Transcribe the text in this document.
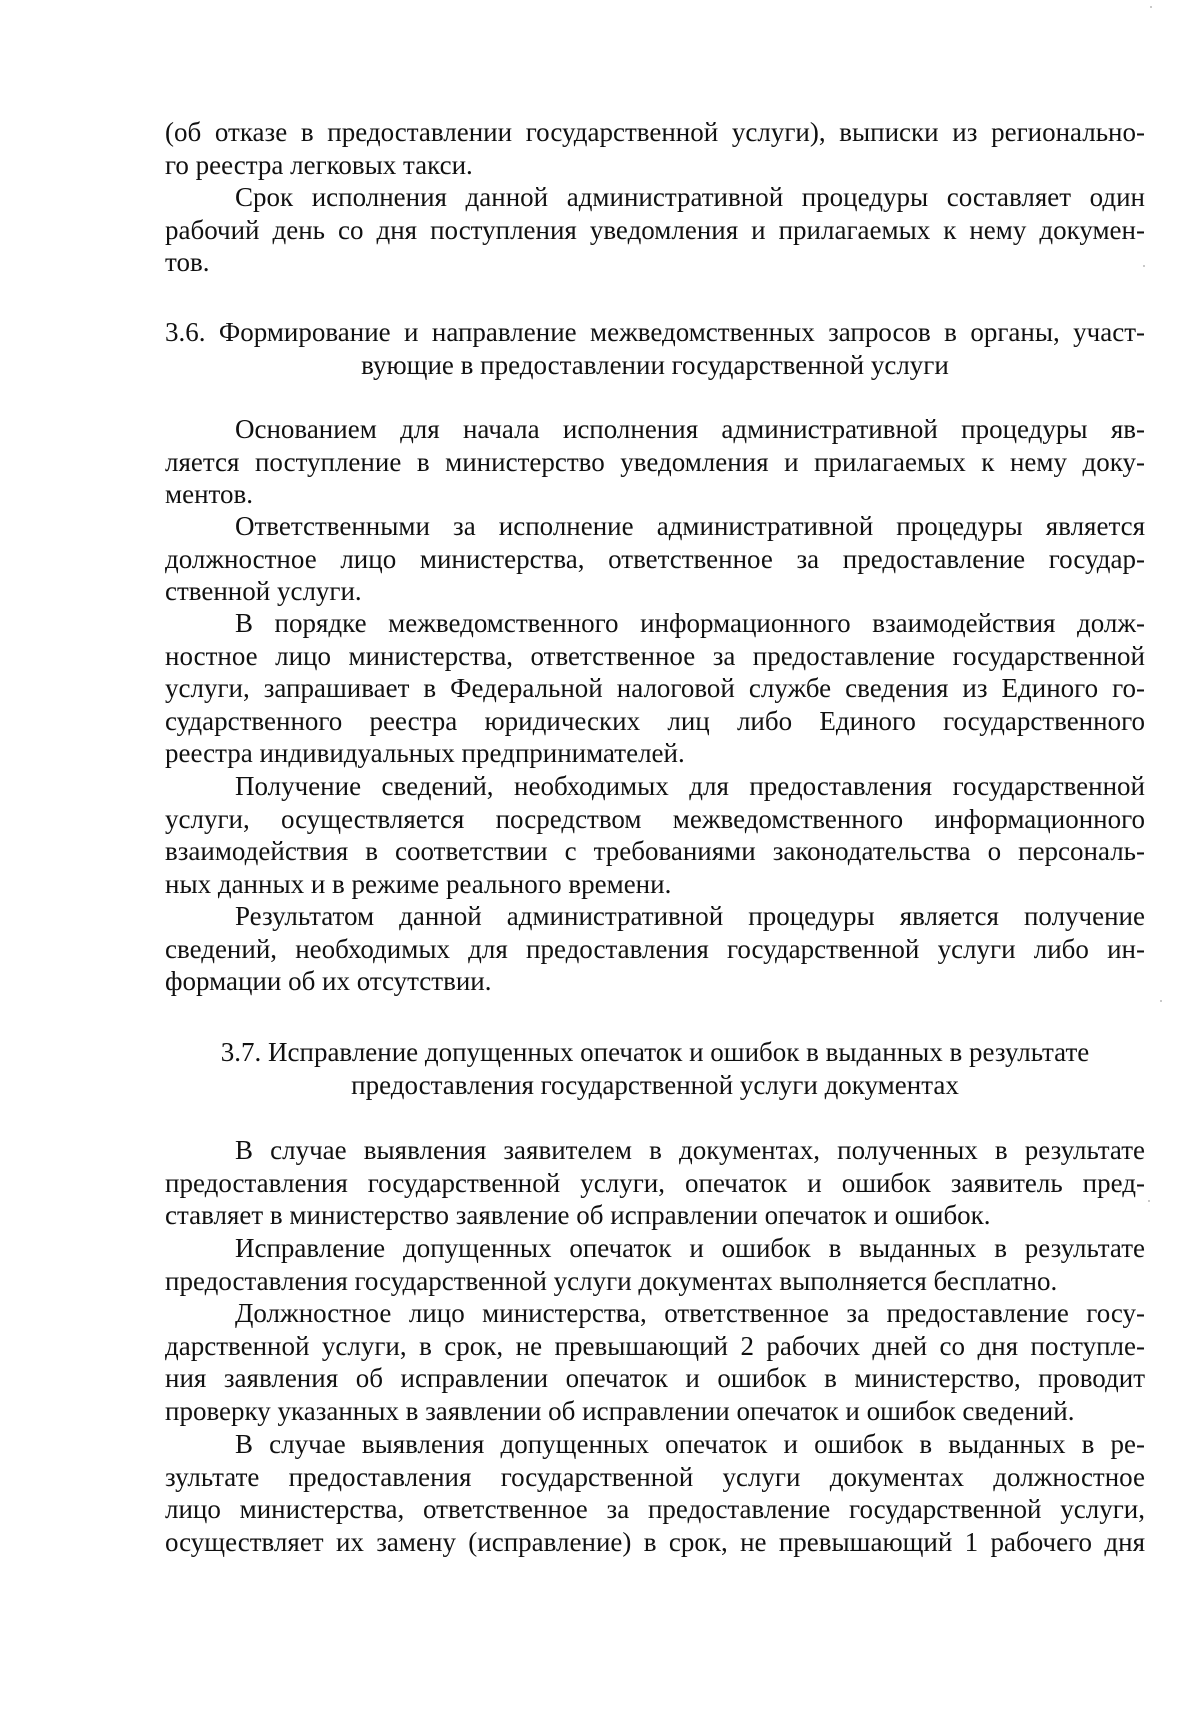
(об отказе в предоставлении государственной услуги), выписки из регионально-
го реестра легковых такси.
Срок исполнения данной административной процедуры составляет один
рабочий день со дня поступления уведомления и прилагаемых к нему докумен-
тов.
3.6. Формирование и направление межведомственных запросов в органы, участ-
вующие в предоставлении государственной услуги
Основанием для начала исполнения административной процедуры яв-
ляется поступление в министерство уведомления и прилагаемых к нему доку-
ментов.
Ответственными за исполнение административной процедуры является
должностное лицо министерства, ответственное за предоставление государ-
ственной услуги.
В порядке межведомственного информационного взаимодействия долж-
ностное лицо министерства, ответственное за предоставление государственной
услуги, запрашивает в Федеральной налоговой службе сведения из Единого го-
сударственного реестра юридических лиц либо Единого государственного
реестра индивидуальных предпринимателей.
Получение сведений, необходимых для предоставления государственной
услуги, осуществляется посредством межведомственного информационного
взаимодействия в соответствии с требованиями законодательства о персональ-
ных данных и в режиме реального времени.
Результатом данной административной процедуры является получение
сведений, необходимых для предоставления государственной услуги либо ин-
формации об их отсутствии.
3.7. Исправление допущенных опечаток и ошибок в выданных в результате
предоставления государственной услуги документах
В случае выявления заявителем в документах, полученных в результате
предоставления государственной услуги, опечаток и ошибок заявитель пред-
ставляет в министерство заявление об исправлении опечаток и ошибок.
Исправление допущенных опечаток и ошибок в выданных в результате
предоставления государственной услуги документах выполняется бесплатно.
Должностное лицо министерства, ответственное за предоставление госу-
дарственной услуги, в срок, не превышающий 2 рабочих дней со дня поступле-
ния заявления об исправлении опечаток и ошибок в министерство, проводит
проверку указанных в заявлении об исправлении опечаток и ошибок сведений.
В случае выявления допущенных опечаток и ошибок в выданных в ре-
зультате предоставления государственной услуги документах должностное
лицо министерства, ответственное за предоставление государственной услуги,
осуществляет их замену (исправление) в срок, не превышающий 1 рабочего дня
